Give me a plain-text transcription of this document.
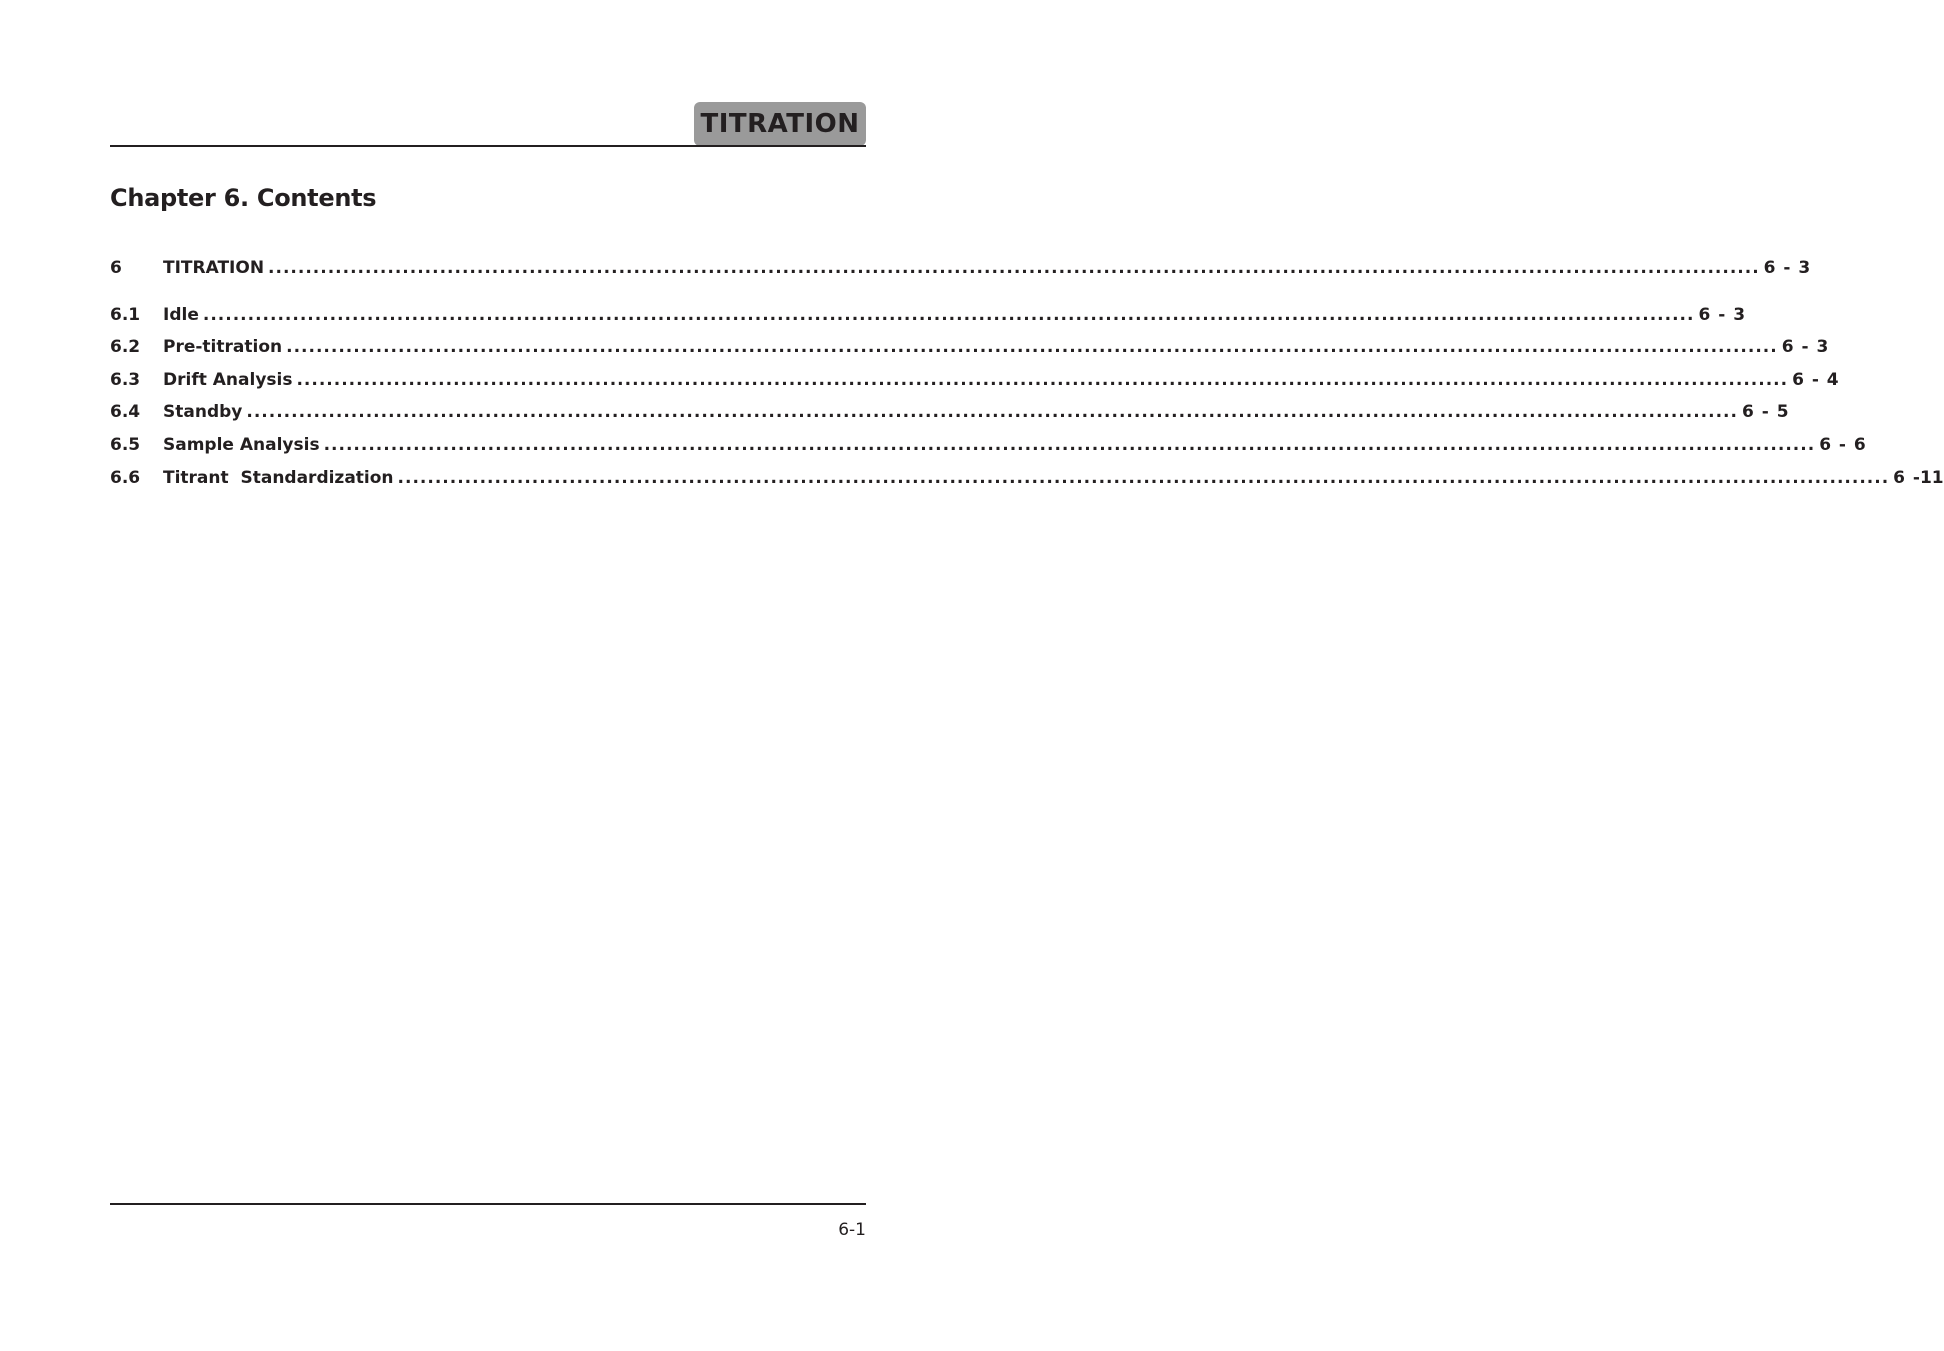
TITRATION
Chapter 6. Contents
6	TITRATION ........................................................................................................................................................................................................ 6 - 3
6.1	Idle ........................................................................................................................................................................................................ 6 - 3
6.2	Pre-titration ........................................................................................................................................................................................................ 6 - 3
6.3	Drift Analysis ........................................................................................................................................................................................................ 6 - 4
6.4	Standby ........................................................................................................................................................................................................ 6 - 5
6.5	Sample Analysis ........................................................................................................................................................................................................ 6 - 6
6.6	Titrant  Standardization ........................................................................................................................................................................................................ 6 -11
6-1
